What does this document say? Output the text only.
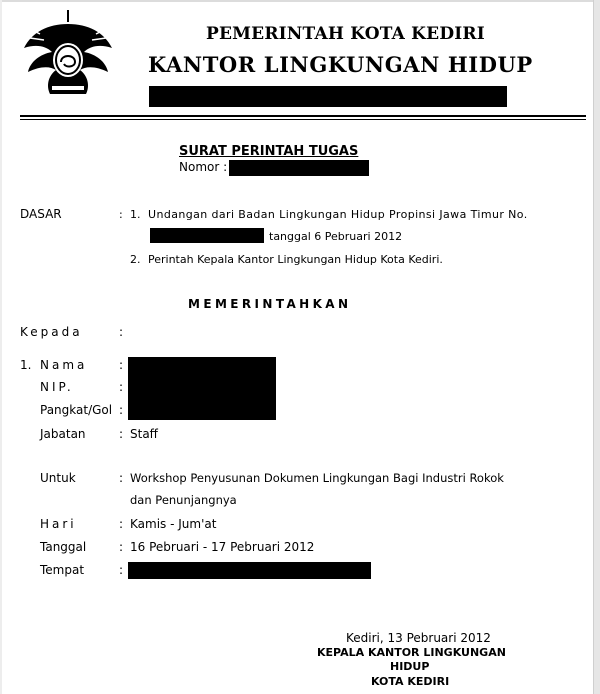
PEMERINTAH KOTA KEDIRI
KANTOR LINGKUNGAN HIDUP
SURAT PERINTAH TUGAS
Nomor :
DASAR	: 1. Undangan dari Badan Lingkungan Hidup Propinsi Jawa Timur No.
tanggal 6 Pebruari 2012
2. Perintah Kepala Kantor Lingkungan Hidup Kota Kediri.
MEMERINTAHKAN
Kepada	:
1. Nama	:
NIP.	:
Pangkat/Gol :
Jabatan	: Staff
Untuk	: Workshop Penyusunan Dokumen Lingkungan Bagi Industri Rokok
dan Penunjangnya
Hari	: Kamis - Jum'at
Tanggal	: 16 Pebruari - 17 Pebruari 2012
Tempat	:
Kediri, 13 Pebruari 2012
KEPALA KANTOR LINGKUNGAN
HIDUP
KOTA KEDIRI
